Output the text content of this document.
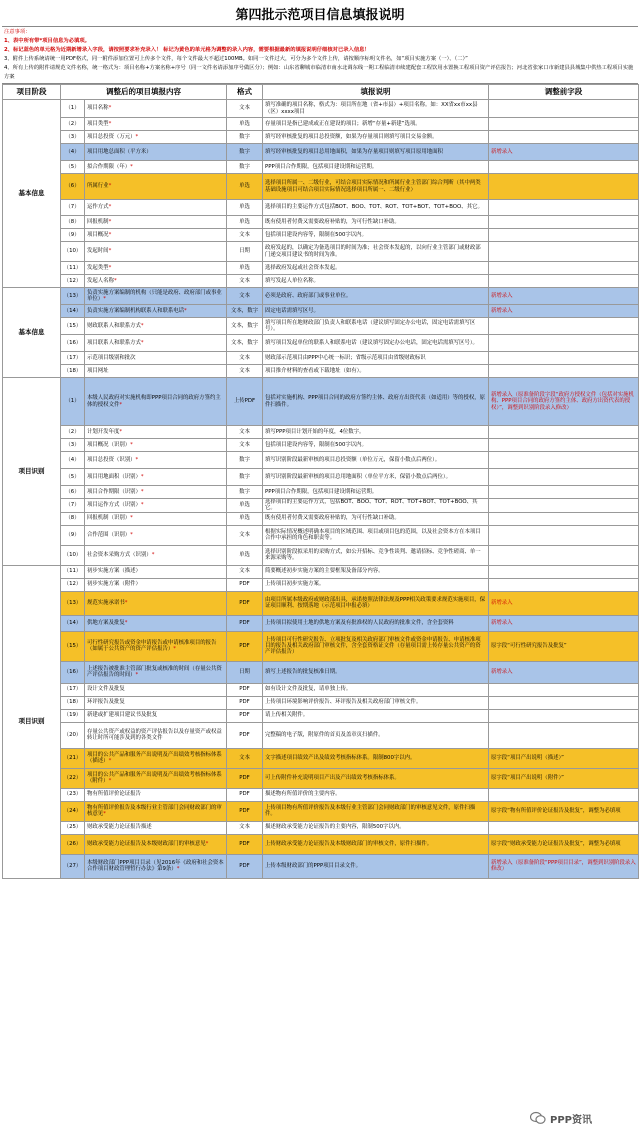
第四批示范项目信息填报说明
注意事项：
1、表中所有带*项目信息为必填项。
2、标记蓝色的单元格为近期新增录入字段，请按照要求补充录入！ 标记为黄色的单元格为调整的录入内容，需要根据最新的填报说明仔细核对已录入信息！
3、附件上传系统请统一用PDF格式，同一附件添加位置可上传多个文件，每个文件最大不超过100MB。如同一文件过大，可分为多个文件上传，请按顺序标明文件名，如“项目实施方案（一）、（二）”
4、所有上传的附件请规范文件名称，统一格式为：项目名称+方案名称+序号（同一文件名请添加序号做区分）；例如：山东省聊城市临清市南水北调东线一期工程临清市续建配套工程饮用水置换工程项目资产评估报告；河北省张家口市新建县县城集中供热工程项目实施方案
项目阶段	调整后的项目填报内容		格式	填报说明	调整前字段
基本信息	（1）	项目名称*	文本	填写准确的项目名称，格式为：项目所在地（省+市县）+项目名称。如：XX省xx市xx县（区）xxxx项目	
	（2）	项目类型*	单选	存量项目是指已建成或正在建设的项目；新增“存量+新建”选项。	
	（3）	项目总投资（万元）*	数字	填写经审核批复的项目总投资额，如果为存量项目则填写项目交易金额。	
	（4）	项目用地总面积（平方米）	数字	填写经审核批复的项目总用地面积，如果为存量项目则填写项目原用地面积	新增录入
	（5）	拟合作期限（年）*	数字	PPP项目合作期限，包括项目建设期和运营期。	
	（6）	所属行业*	单选	选择项目所属一、二级行业，可结合项目实际情况和所属行业主管部门综合判断（其中两类基础设施项目可结合项目实际情况选择项目所属一、二级行业）	
	（7）	运作方式*	单选	选择项目的主要运作方式包括BOT、BOO、TOT、ROT、TOT+BOT、TOT+BOO、其它。	
	（8）	回报机制*	单选	既有使用者付费又需要政府补贴的，为可行性缺口补助。	
	（9）	项目概况*	文本	包括项目建设内容等，限制在500字以内。	
	（10）	发起时间*	日期	政府发起的，以确定为备选项目的时间为准；社会资本发起的，以向行业主管部门或财政部门递交项目建议书的时间为准。	
	（11）	发起类型*	单选	选择政府发起或社会资本发起。	
	（12）	发起人名称*	文本	填写发起人单位名称。	
基本信息	（13）	负责实施方案编制的机构（只能是政府、政府部门或事业单位）*	文本	必须是政府、政府部门或事业单位。	新增录入
	（14）	负责实施方案编制机构联系人和联系电话*	文本，数字	固定电话需填写区号。	新增录入
	（15）	财政联系人和联系方式*	文本，数字	填写项目所在地财政部门负责人和联系电话（建议填写固定办公电话，固定电话需填写区号）。	
	（16）	项目联系人和联系方式*	文本，数字	填写项目发起单位的联系人和联系电话（建议填写固定办公电话，固定电话需填写区号）。	
	（17）	示范项目级别和批次	文本	财政部示范项目由PPP中心统一标识；省级示范项目由省级财政标识	
	（18）	项目网址	文本	项目推介材料的查看或下载地址（如有）。	
项目识别	（1）	本级人民政府对实施机构即PPP项目合同的政府方签约主体的授权文件*	上传PDF	包括对实施机构、PPP项目合同的政府方签约主体、政府方出资代表（如适用）等的授权，原件扫描件。	新增录入（原准备阶段字段“政府方授权文件（包括对实施机构、PPP项目合同的政府方签约主体、政府方出资代表的授权）”，调整到识别阶段录入修改）
	（2）	计划开发年度*	文本	填写PPP项目计划开始的年度，4位数字。	
	（3）	项目概况（识别）*	文本	包括项目建设内容等，限制在500字以内。	
	（4）	项目总投资（识别）*	数字	填写识别阶段最新审核的项目总投资额（单位万元，保留小数点后两位）。	
	（5）	项目用地面积（识别）*	数字	填写识别阶段最新审核的项目总用地面积（单位平方米，保留小数点后两位）。	
	（6）	项目合作期限（识别）*	数字	PPP项目合作期限，包括项目建设期和运营期。	
	（7）	项目运作方式（识别）*	单选	选择项目的主要运作方式，包括BOT、BOO、TOT、ROT、TOT+BOT、TOT+BOO、其它。	
	（8）	回报机制（识别）*	单选	既有使用者付费又需要政府补贴的，为可行性缺口补助。	
	（9）	合作范围（识别）*	文本	根据实际情况概述明确本项目的区域范围、项目或项目包的范围，以及社会资本方在本项目合作中承担的角色和职责等。	
	（10）	社会资本采购方式（识别）*	单选	选择识别阶段拟采用的采购方式，如公开招标、竞争性谈判、邀请招标、竞争性磋商、单一来源采购等。	
项目识别	（11）	初步实施方案（描述）	文本	简要概述初步实施方案的主要框架及备部分内容。	
	（12）	初步实施方案（附件）	PDF	上传项目初步实施方案。	
	（13）	规范实施承诺书*	PDF	由项目所属本级政府或财政部出具，承诺按照法律法规及PPP相关政策要求规范实施项目，保证项目顺利、按期落地（示范项目申报必填）	新增录入
	（14）	供地方案及批复*	PDF	上传项目拟使用土地的供地方案及有批准权的人民政府的批准文件，含全套资料	新增录入
	（15）	可行性研究报告或资金申请报告或申请核准项目的报告（如属于公共资产的资产评估报告）*	PDF	上传项目可行性研究报告、立项批复及相关政府部门审核文件或资金申请报告、申请核准项目的报告及相关政府部门审核文件，含全套资格证文件（存量项目需上传存量公共资产的资产评估报告）	原字段“可行性研究报告及批复”
	（16）	上述报告被批准主管部门批复或核准的时间（存量公共资产评估报告的时间）*	日期	填写上述报告的批复核准日期。	新增录入
	（17）	设计文件及批复	PDF	如有设计文件及批复，请单独上传。	
	（18）	环评报告及批复	PDF	上传项目环境影响评价报告、环评报告及相关政府部门审核文件。	
	（19）	新建或扩建项目建议书及批复	PDF	请上传相关附件。	
	（20）	存量公共资产或权益的资产评估报告以及存量资产或权益转让时所可能涉及到的各类文件	PDF	完整稿的电子版，附原件的首页及盖章页扫描件。	
	（21）	项目的公共产品和服务产出说明及产出绩效考核指标体系（描述）*	文本	文字描述项目绩效产出及绩效考核指标体系。限制800字以内。	原字段“项目产出说明（描述）”
	（22）	项目的公共产品和服务产出说明及产出绩效考核指标体系（附件）*	PDF	可上传附件补充说明项目产出及产出绩效考核指标体系。	原字段“项目产出说明（附件）”
	（23）	物有所值评价论证报告	PDF	描述物有所值评价的主要内容。	
	（24）	物有所值评价报告及本级行业主管部门会同财政部门的审核意见*	PDF	上传项目物有所值评价报告及本级行业主管部门会同财政部门的审核意见文件，原件扫描件。	原字段“物有所值评价论证报告及批复”，调整为必填项
	（25）	财政承受能力论证报告描述	文本	描述财政承受能力论证报告的主要内容，限制500字以内。	
	（26）	财政承受能力论证报告及本级财政部门的审核意见*	PDF	上传财政承受能力论证报告及本级财政部门的审核文件，原件扫描件。	原字段“财政承受能力论证报告及批复”，调整为必填项
	（27）	本级财政部门PPP项目目录（见2016年《政府和社会资本合作项目财政管理暂行办法》第9条）*	PDF	上传本级财政部门的PPP项目目录文件。	新增录入（原准备阶段“PPP项目目录”，调整到识别阶段录入修改）
PPP资讯
